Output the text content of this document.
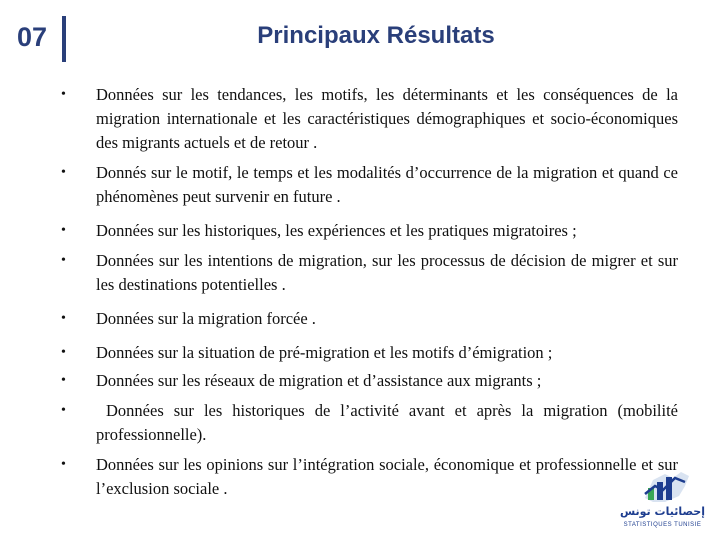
07	Principaux Résultats
• Données sur les tendances, les motifs, les déterminants et les conséquences de la migration internationale et les caractéristiques démographiques et socio-économiques des migrants actuels et de retour .
• Donnés sur le motif, le temps et les modalités d’occurrence de la migration et quand ce phénomènes peut survenir en future .
• Données sur les historiques, les expériences et les pratiques migratoires ;
• Données sur les intentions de migration, sur les processus de décision de migrer et sur les destinations potentielles .
• Données sur la migration forcée .
• Données sur la situation de pré-migration et les motifs d’émigration ;
• Données sur les réseaux de migration et d’assistance aux migrants ;
• Données sur les historiques de l’activité avant et après la migration (mobilité professionnelle).
• Données sur les opinions sur l’intégration sociale, économique et professionnelle et sur l’exclusion sociale .
إحصائيات تونس
STATISTIQUES TUNISIE
